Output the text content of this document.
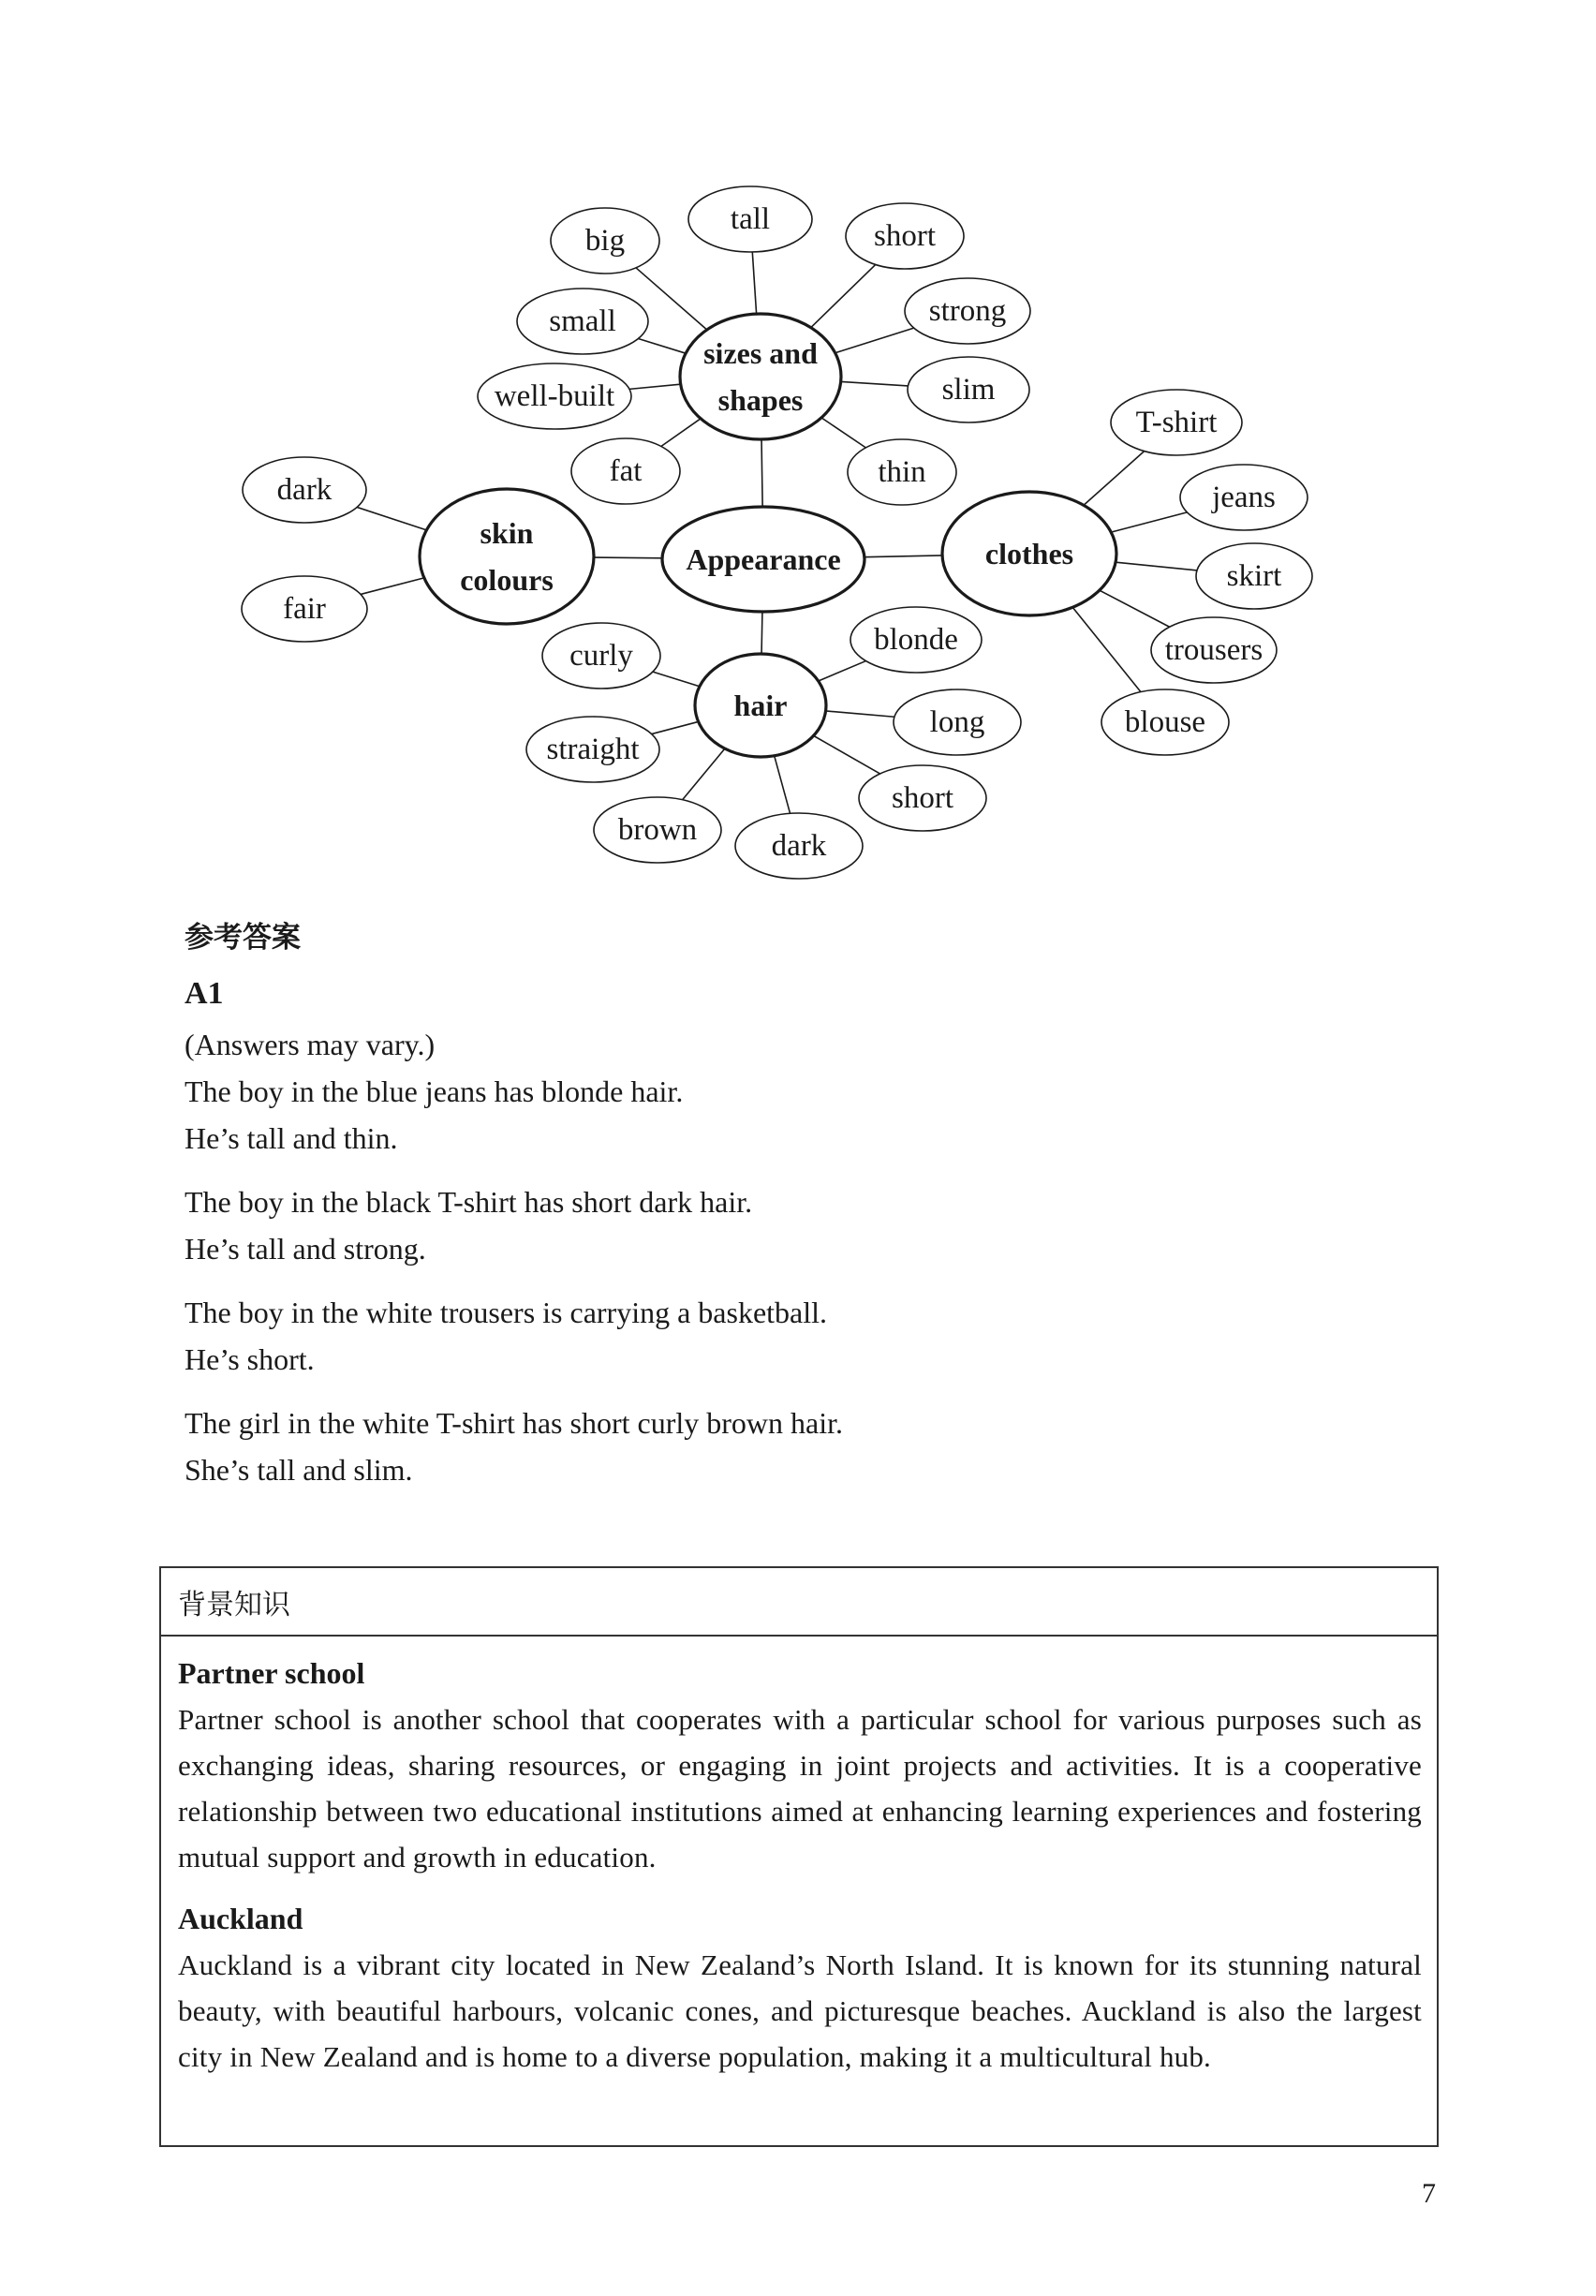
Appearance
sizes and
shapes
big
tall	short
small	strong
well-built	slim
fat	thin
skin
colours
dark
fair
clothes
T-shirt
jeans
skirt
trousers
blouse
hair
curly	blonde
long
straight
short
brown dark
参考答案
A1
(Answers may vary.)
The boy in the blue jeans has blonde hair.
He’s tall and thin.
The boy in the black T-shirt has short dark hair.
He’s tall and strong.
The boy in the white trousers is carrying a basketball.
He’s short.
The girl in the white T-shirt has short curly brown hair.
She’s tall and slim.
背景知识
Partner school
Partner school is another school that cooperates with a particular school for various purposes such as exchanging ideas, sharing resources, or engaging in joint projects and activities. It is a cooperative relationship between two educational institutions aimed at enhancing learning experiences and fostering mutual support and growth in education.
Auckland
Auckland is a vibrant city located in New Zealand’s North Island. It is known for its stunning natural beauty, with beautiful harbours, volcanic cones, and picturesque beaches. Auckland is also the largest city in New Zealand and is home to a diverse population, making it a multicultural hub.
7
